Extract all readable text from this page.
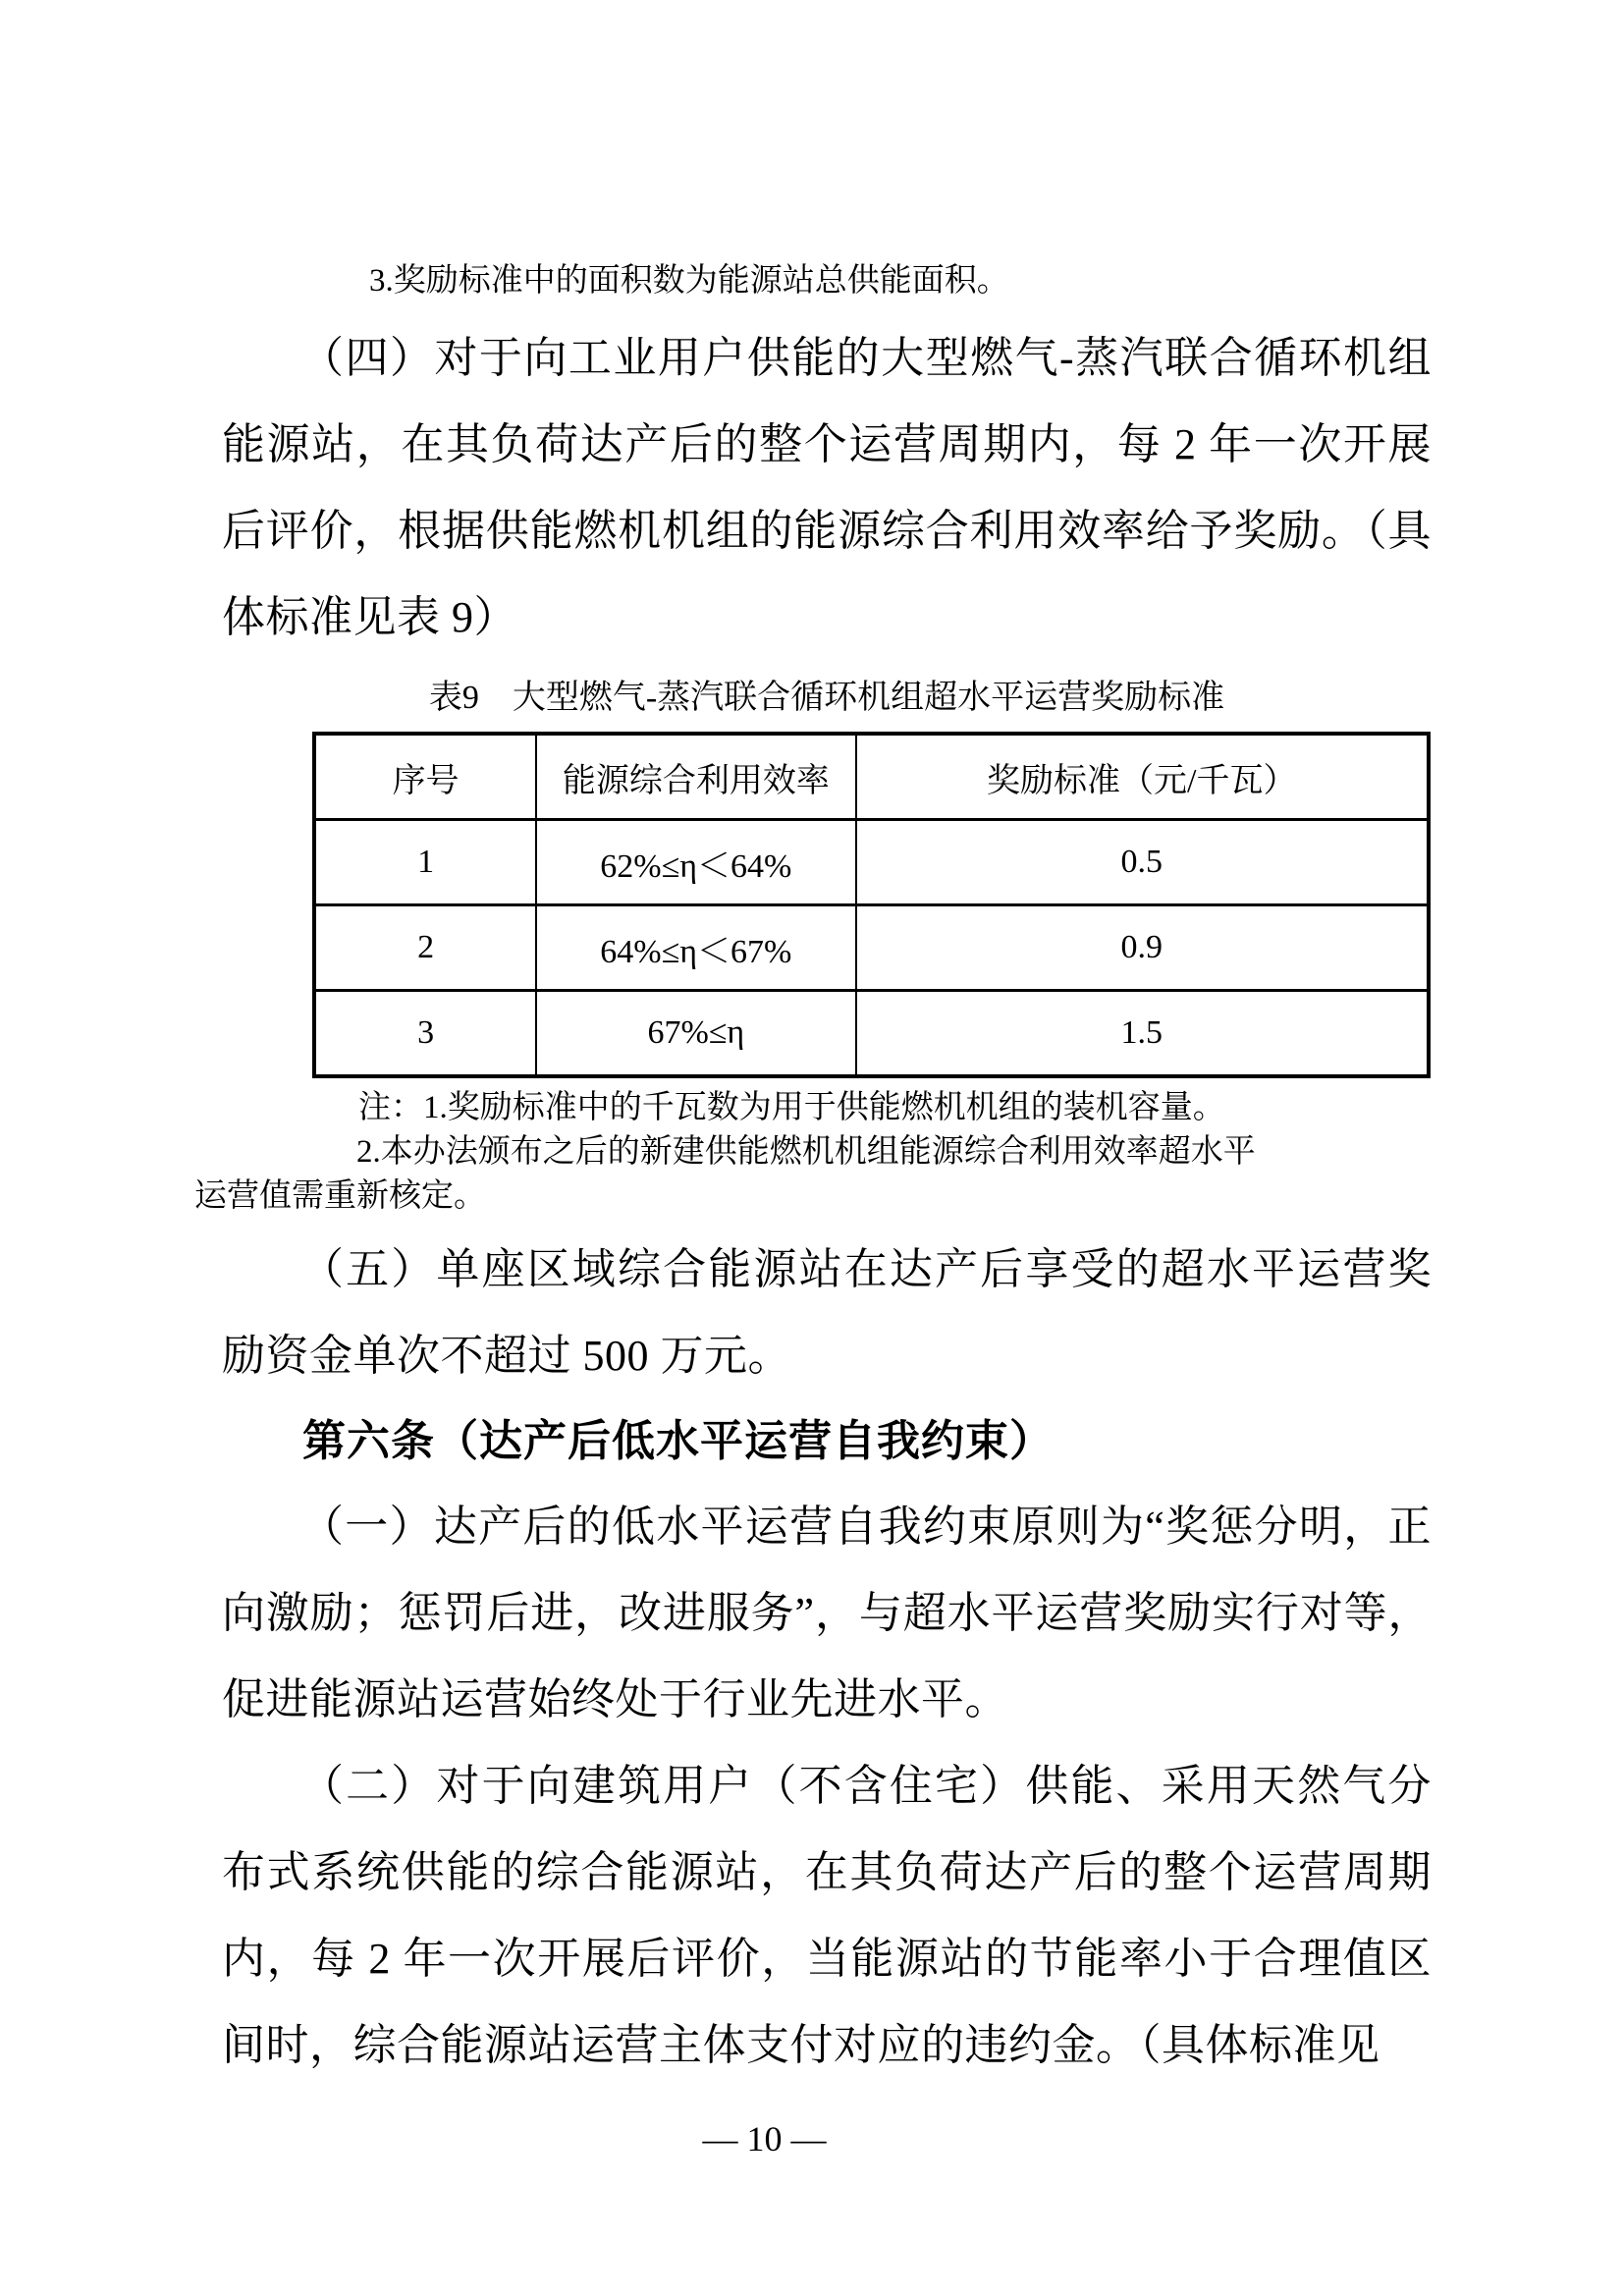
3.奖励标准中的面积数为能源站总供能面积。

（四）对于向工业用户供能的大型燃气-蒸汽联合循环机组能源站，在其负荷达产后的整个运营周期内，每 2 年一次开展后评价，根据供能燃机机组的能源综合利用效率给予奖励。（具体标准见表 9）

表9　大型燃气-蒸汽联合循环机组超水平运营奖励标准
序号	能源综合利用效率	奖励标准（元/千瓦）
1	62%≤η＜64%	0.5
2	64%≤η＜67%	0.9
3	67%≤η	1.5
注：1.奖励标准中的千瓦数为用于供能燃机机组的装机容量。
2.本办法颁布之后的新建供能燃机机组能源综合利用效率超水平
运营值需重新核定。

（五）单座区域综合能源站在达产后享受的超水平运营奖励资金单次不超过 500 万元。

第六条（达产后低水平运营自我约束）

（一）达产后的低水平运营自我约束原则为“奖惩分明，正向激励；惩罚后进，改进服务”，与超水平运营奖励实行对等，促进能源站运营始终处于行业先进水平。

（二）对于向建筑用户（不含住宅）供能、采用天然气分布式系统供能的综合能源站，在其负荷达产后的整个运营周期内，每 2 年一次开展后评价，当能源站的节能率小于合理值区间时，综合能源站运营主体支付对应的违约金。（具体标准见

— 10 —
